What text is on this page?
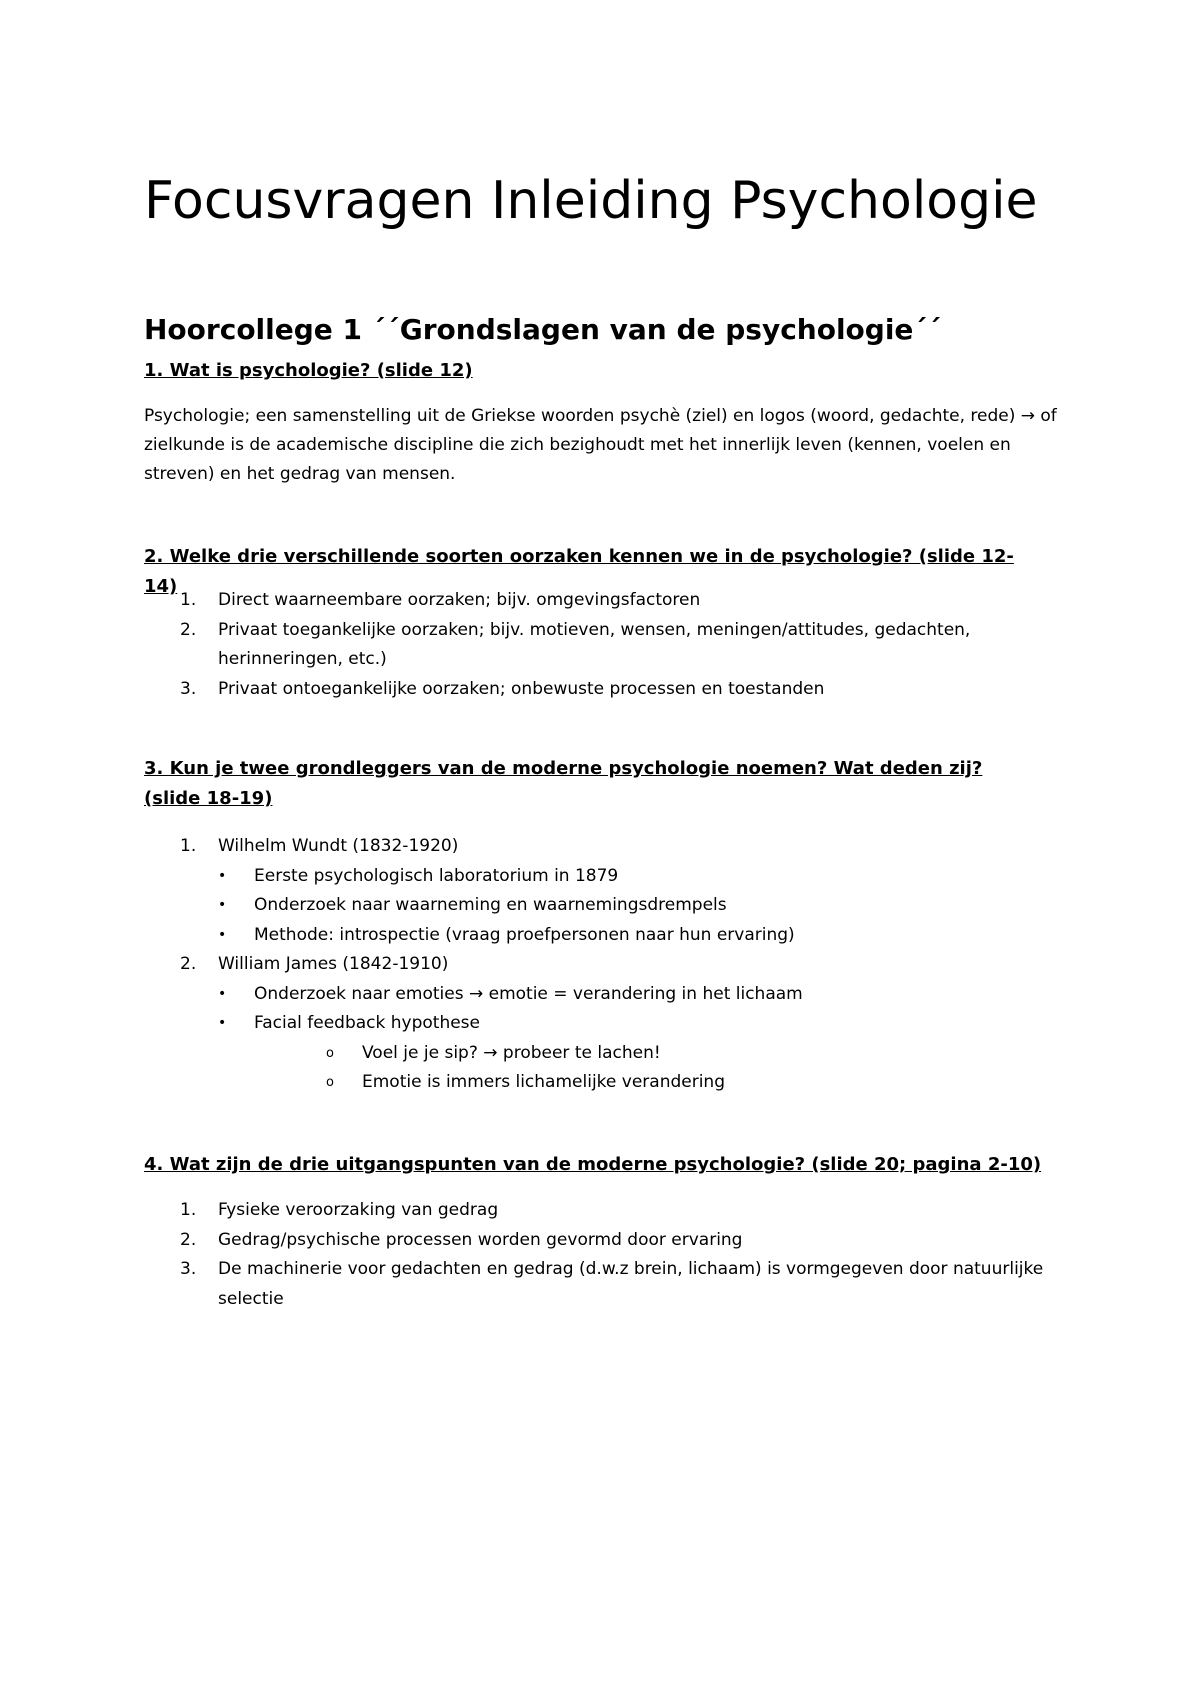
Focusvragen Inleiding Psychologie
Hoorcollege 1 ´´Grondslagen van de psychologie´´

1. Wat is psychologie? (slide 12)

Psychologie; een samenstelling uit de Griekse woorden psychè (ziel) en logos (woord, gedachte, rede) → of zielkunde is de academische discipline die zich bezighoudt met het innerlijk leven (kennen, voelen en streven) en het gedrag van mensen.

2. Welke drie verschillende soorten oorzaken kennen we in de psychologie? (slide 12-14)

1. Direct waarneembare oorzaken; bijv. omgevingsfactoren
2. Privaat toegankelijke oorzaken; bijv. motieven, wensen, meningen/attitudes, gedachten, herinneringen, etc.)
3. Privaat ontoegankelijke oorzaken; onbewuste processen en toestanden

3. Kun je twee grondleggers van de moderne psychologie noemen? Wat deden zij? (slide 18-19)

1. Wilhelm Wundt (1832-1920)
• Eerste psychologisch laboratorium in 1879
• Onderzoek naar waarneming en waarnemingsdrempels
• Methode: introspectie (vraag proefpersonen naar hun ervaring)
2. William James (1842-1910)
• Onderzoek naar emoties → emotie = verandering in het lichaam
• Facial feedback hypothese
o Voel je je sip? → probeer te lachen!
o Emotie is immers lichamelijke verandering

4. Wat zijn de drie uitgangspunten van de moderne psychologie? (slide 20; pagina 2-10)

1. Fysieke veroorzaking van gedrag
2. Gedrag/psychische processen worden gevormd door ervaring
3. De machinerie voor gedachten en gedrag (d.w.z brein, lichaam) is vormgegeven door natuurlijke selectie
